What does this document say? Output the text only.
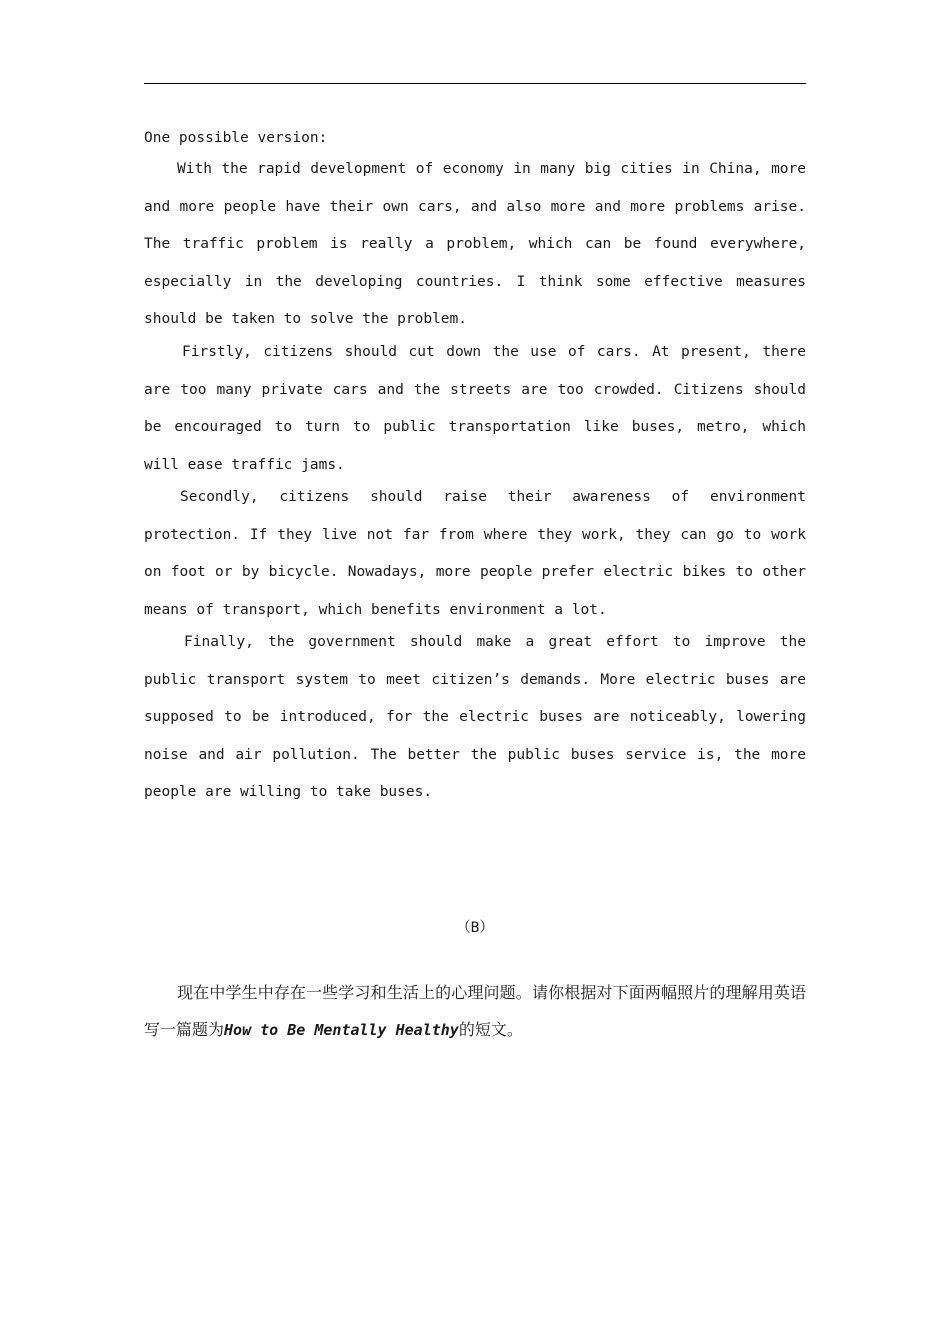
One possible version:
With the rapid development of economy in many big cities in China, more and more people have their own cars, and also more and more problems arise. The traffic problem is really a problem, which can be found everywhere, especially in the developing countries. I think some effective measures should be taken to solve the problem.
Firstly, citizens should cut down the use of cars. At present, there are too many private cars and the streets are too crowded. Citizens should be encouraged to turn to public transportation like buses, metro, which will ease traffic jams.
Secondly, citizens should raise their awareness of environment protection. If they live not far from where they work, they can go to work on foot or by bicycle. Nowadays, more people prefer electric bikes to other means of transport, which benefits environment a lot.
Finally, the government should make a great effort to improve the public transport system to meet citizen’s demands. More electric buses are supposed to be introduced, for the electric buses are noticeably, lowering noise and air pollution. The better the public buses service is, the more people are willing to take buses.
（B）
现在中学生中存在一些学习和生活上的心理问题。请你根据对下面两幅照片的理解用英语写一篇题为How to Be Mentally Healthy的短文。
